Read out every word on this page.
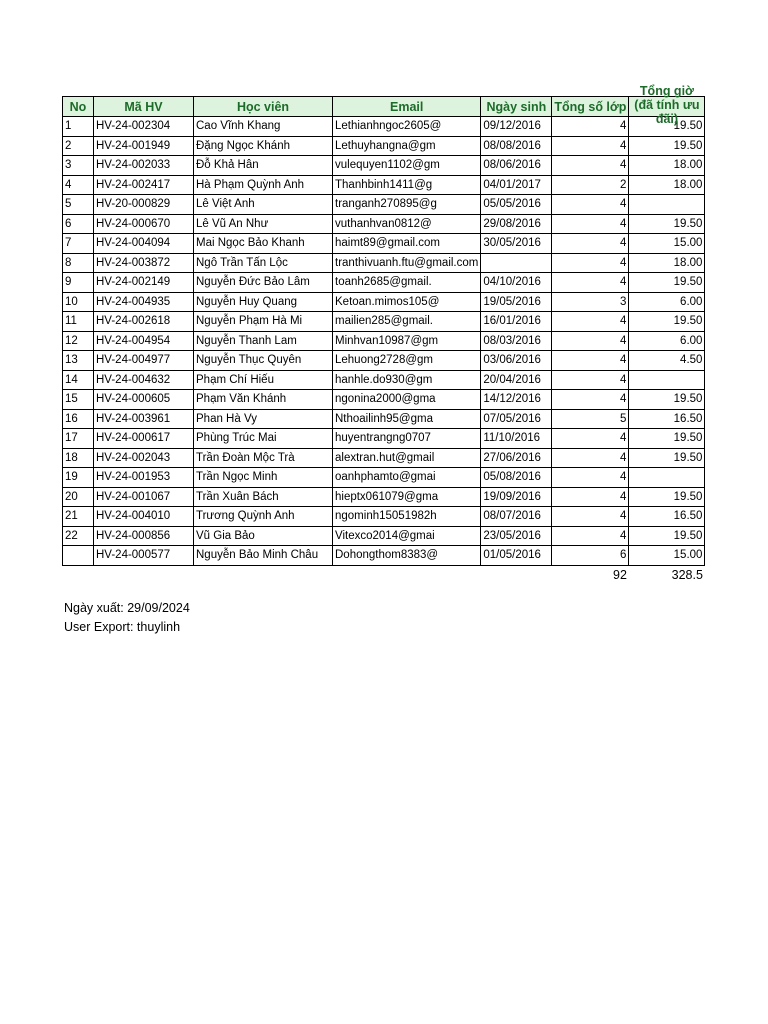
No	Mã HV	Học viên	Email	Ngày sinh	Tổng số lớp	Tổng giờ (đã tính ưu đãi)

1	HV-24-002304	Cao Vĩnh Khang	Lethianhngoc2605@	09/12/2016	4	19.50
2	HV-24-001949	Đặng Ngọc Khánh	Lethuyhangna@gm	08/08/2016	4	19.50
3	HV-24-002033	Đỗ Khả Hân	vulequyen1102@gm	08/06/2016	4	18.00
4	HV-24-002417	Hà Phạm Quỳnh Anh	Thanhbinh1411@g	04/01/2017	2	18.00
5	HV-20-000829	Lê Việt Anh	tranganh270895@g	05/05/2016	4	
6	HV-24-000670	Lê Vũ An Như	vuthanhvan0812@	29/08/2016	4	19.50
7	HV-24-004094	Mai Ngọc Bảo Khanh	haimt89@gmail.com	30/05/2016	4	15.00
8	HV-24-003872	Ngô Trần Tấn Lộc	tranthivuanh.ftu@gmail.com		4	18.00
9	HV-24-002149	Nguyễn Đức Bảo Lâm	toanh2685@gmail.	04/10/2016	4	19.50
10	HV-24-004935	Nguyễn Huy Quang	Ketoan.mimos105@	19/05/2016	3	6.00
11	HV-24-002618	Nguyễn Phạm Hà Mi	mailien285@gmail.	16/01/2016	4	19.50
12	HV-24-004954	Nguyễn Thanh Lam	Minhvan10987@gm	08/03/2016	4	6.00
13	HV-24-004977	Nguyễn Thục Quyên	Lehuong2728@gm	03/06/2016	4	4.50
14	HV-24-004632	Phạm Chí Hiếu	hanhle.do930@gm	20/04/2016	4	
15	HV-24-000605	Phạm Văn Khánh	ngonina2000@gma	14/12/2016	4	19.50
16	HV-24-003961	Phan Hà Vy	Nthoailinh95@gma	07/05/2016	5	16.50
17	HV-24-000617	Phùng Trúc Mai	huyentrangng0707	11/10/2016	4	19.50
18	HV-24-002043	Trần Đoàn Mộc Trà	alextran.hut@gmail	27/06/2016	4	19.50
19	HV-24-001953	Trần Ngọc Minh	oanhphamto@gmai	05/08/2016	4	
20	HV-24-001067	Trần Xuân Bách	hieptx061079@gma	19/09/2016	4	19.50
21	HV-24-004010	Trương Quỳnh Anh	ngominh15051982h	08/07/2016	4	16.50
22	HV-24-000856	Vũ Gia Bảo	Vitexco2014@gmai	23/05/2016	4	19.50
	HV-24-000577	Nguyễn Bảo Minh Châu	Dohongthom8383@	01/05/2016	6	15.00
					92	328.5
Ngày xuất: 29/09/2024
User Export: thuylinh
